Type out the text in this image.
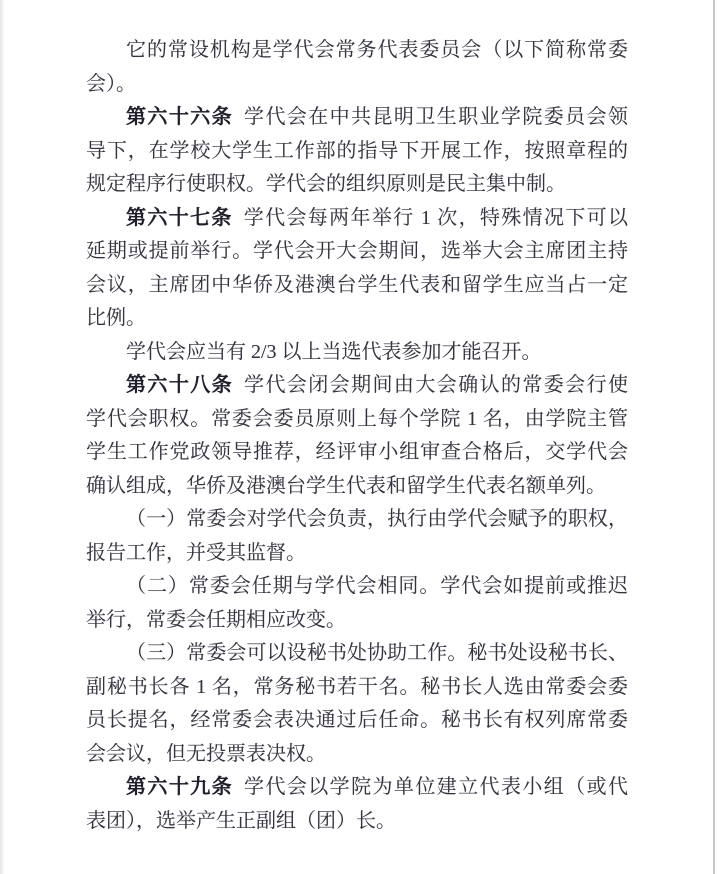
它的常设机构是学代会常务代表委员会（以下简称常委
会）。

第六十六条 学代会在中共昆明卫生职业学院委员会领
导下，在学校大学生工作部的指导下开展工作，按照章程的
规定程序行使职权。学代会的组织原则是民主集中制。

第六十七条 学代会每两年举行 1 次，特殊情况下可以
延期或提前举行。学代会开大会期间，选举大会主席团主持
会议，主席团中华侨及港澳台学生代表和留学生应当占一定
比例。

学代会应当有 2/3 以上当选代表参加才能召开。

第六十八条 学代会闭会期间由大会确认的常委会行使
学代会职权。常委会委员原则上每个学院 1 名，由学院主管
学生工作党政领导推荐，经评审小组审查合格后，交学代会
确认组成，华侨及港澳台学生代表和留学生代表名额单列。

（一）常委会对学代会负责，执行由学代会赋予的职权，
报告工作，并受其监督。

（二）常委会任期与学代会相同。学代会如提前或推迟
举行，常委会任期相应改变。

（三）常委会可以设秘书处协助工作。秘书处设秘书长、
副秘书长各 1 名，常务秘书若干名。秘书长人选由常委会委
员长提名，经常委会表决通过后任命。秘书长有权列席常委
会会议，但无投票表决权。

第六十九条 学代会以学院为单位建立代表小组（或代
表团），选举产生正副组（团）长。
